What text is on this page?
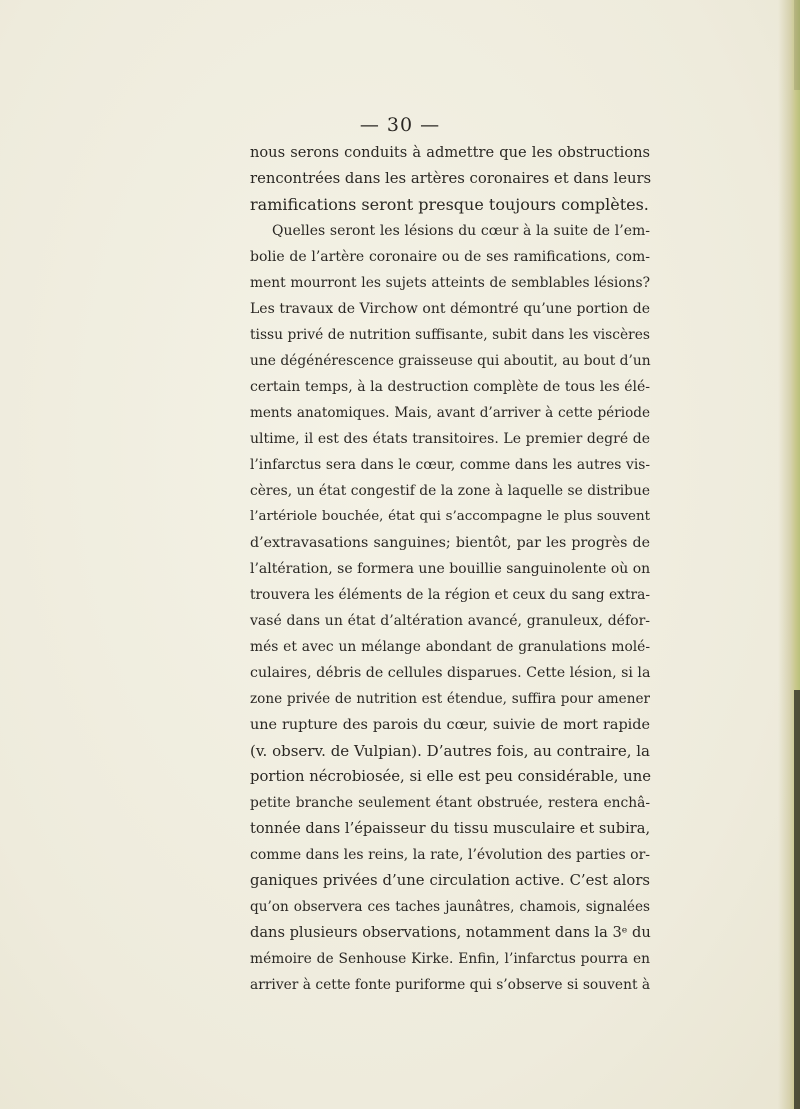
— 30 —
nous serons conduits à admettre que les obstructions
rencontrées dans les artères coronaires et dans leurs
ramifications seront presque toujours complètes.
Quelles seront les lésions du cœur à la suite de l’em-
bolie de l’artère coronaire ou de ses ramifications, com-
ment mourront les sujets atteints de semblables lésions?
Les travaux de Virchow ont démontré qu’une portion de
tissu privé de nutrition suffisante, subit dans les viscères
une dégénérescence graisseuse qui aboutit, au bout d’un
certain temps, à la destruction complète de tous les élé-
ments anatomiques. Mais, avant d’arriver à cette période
ultime, il est des états transitoires. Le premier degré de
l’infarctus sera dans le cœur, comme dans les autres vis-
cères, un état congestif de la zone à laquelle se distribue
l’artériole bouchée, état qui s’accompagne le plus souvent
d’extravasations sanguines; bientôt, par les progrès de
l’altération, se formera une bouillie sanguinolente où on
trouvera les éléments de la région et ceux du sang extra-
vasé dans un état d’altération avancé, granuleux, défor-
més et avec un mélange abondant de granulations molé-
culaires, débris de cellules disparues. Cette lésion, si la
zone privée de nutrition est étendue, suffira pour amener
une rupture des parois du cœur, suivie de mort rapide
(v. observ. de Vulpian). D’autres fois, au contraire, la
portion nécrobiosée, si elle est peu considérable, une
petite branche seulement étant obstruée, restera enchâ-
tonnée dans l’épaisseur du tissu musculaire et subira,
comme dans les reins, la rate, l’évolution des parties or-
ganiques privées d’une circulation active. C’est alors
qu’on observera ces taches jaunâtres, chamois, signalées
dans plusieurs observations, notamment dans la 3ᵉ du
mémoire de Senhouse Kirke. Enfin, l’infarctus pourra en
arriver à cette fonte puriforme qui s’observe si souvent à
